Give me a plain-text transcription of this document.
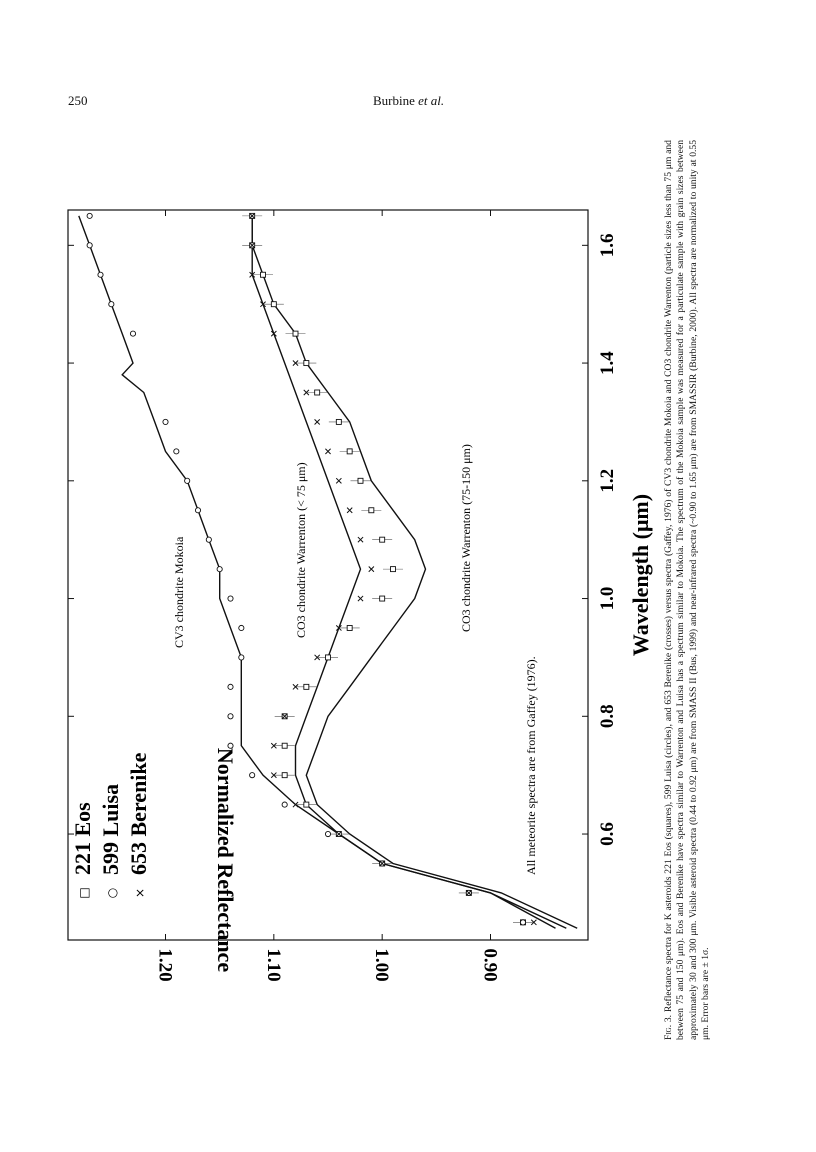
250	Burbine et al.
0.6
0.8
1.0
1.2
1.4
1.6
0.90
1.00
1.10
1.20
Wavelength (μm)
Normalized Reflectance
□
221 Eos
○
599 Luisa
×
653 Berenike
CV3 chondrite Mokoia	CO3 chondrite Warrenton (< 75 μm)	CO3 chondrite Warrenton (75-150 μm)
All meteorite spectra are from Gaffey (1976).
Fig. 3. Reflectance spectra for K asteroids 221 Eos (squares), 599 Luisa (circles), and 653 Berenike (crosses) versus spectra (Gaffey, 1976) of CV3 chondrite Mokoia and CO3 chondrite Warrenton (particle sizes less than 75 μm and between 75 and 150 μm). Eos and Berenike have spectra similar to Warrenton and Luisa has a spectrum similar to Mokoia. The spectrum of the Mokoia sample was measured for a particulate sample with grain sizes between approximately 30 and 300 μm. Visible asteroid spectra (0.44 to 0.92 μm) are from SMASS II (Bus, 1999) and near-infrared spectra (~0.90 to 1.65 μm) are from SMASSIR (Burbine, 2000). All spectra are normalized to unity at 0.55 μm. Error bars are ± 1σ.
